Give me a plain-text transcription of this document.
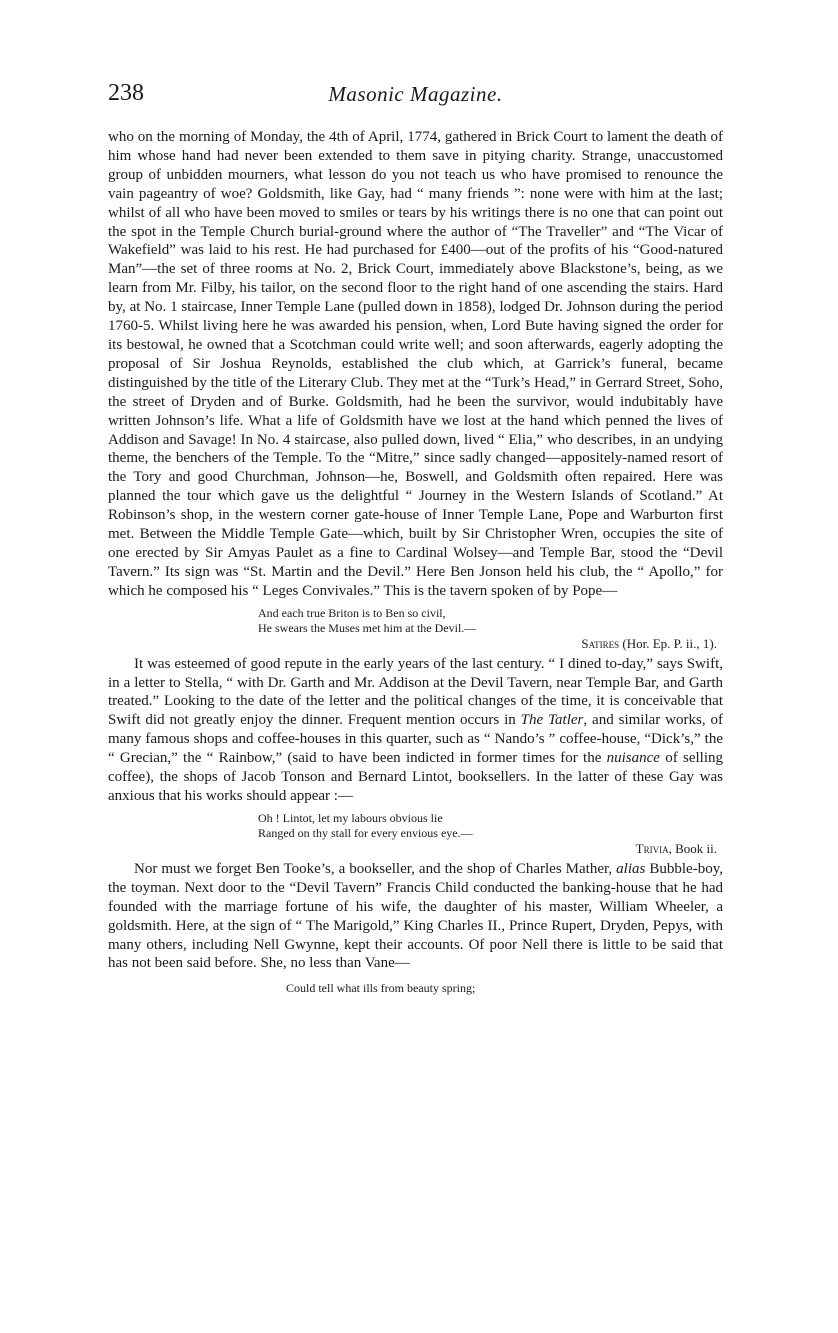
238	Masonic Magazine.

who on the morning of Monday, the 4th of April, 1774, gathered in Brick Court to lament the death of him whose hand had never been extended to them save in pitying charity. Strange, unaccustomed group of unbidden mourners, what lesson do you not teach us who have promised to renounce the vain pageantry of woe? Goldsmith, like Gay, had “ many friends ”: none were with him at the last; whilst of all who have been moved to smiles or tears by his writings there is no one that can point out the spot in the Temple Church burial-ground where the author of “The Traveller” and “The Vicar of Wakefield” was laid to his rest. He had purchased for £400—out of the profits of his “Good-natured Man”—the set of three rooms at No. 2, Brick Court, immediately above Blackstone’s, being, as we learn from Mr. Filby, his tailor, on the second floor to the right hand of one ascending the stairs. Hard by, at No. 1 staircase, Inner Temple Lane (pulled down in 1858), lodged Dr. Johnson during the period 1760-5. Whilst living here he was awarded his pension, when, Lord Bute having signed the order for its bestowal, he owned that a Scotchman could write well; and soon afterwards, eagerly adopting the proposal of Sir Joshua Reynolds, established the club which, at Garrick’s funeral, became distinguished by the title of the Literary Club. They met at the “Turk’s Head,” in Gerrard Street, Soho, the street of Dryden and of Burke. Goldsmith, had he been the survivor, would indubitably have written Johnson’s life. What a life of Goldsmith have we lost at the hand which penned the lives of Addison and Savage! In No. 4 staircase, also pulled down, lived “ Elia,” who describes, in an undying theme, the benchers of the Temple. To the “Mitre,” since sadly changed—appositely-named resort of the Tory and good Churchman, Johnson—he, Boswell, and Goldsmith often repaired. Here was planned the tour which gave us the delightful “ Journey in the Western Islands of Scotland.” At Robinson’s shop, in the western corner gate-house of Inner Temple Lane, Pope and Warburton first met. Between the Middle Temple Gate—which, built by Sir Christopher Wren, occupies the site of one erected by Sir Amyas Paulet as a fine to Cardinal Wolsey—and Temple Bar, stood the “Devil Tavern.” Its sign was “St. Martin and the Devil.” Here Ben Jonson held his club, the “ Apollo,” for which he composed his “ Leges Convivales.” This is the tavern spoken of by Pope—

And each true Briton is to Ben so civil,
He swears the Muses met him at the Devil.—
Satires (Hor. Ep. P. ii., 1).

It was esteemed of good repute in the early years of the last century. “ I dined to-day,” says Swift, in a letter to Stella, “ with Dr. Garth and Mr. Addison at the Devil Tavern, near Temple Bar, and Garth treated.” Looking to the date of the letter and the political changes of the time, it is conceivable that Swift did not greatly enjoy the dinner. Frequent mention occurs in The Tatler, and similar works, of many famous shops and coffee-houses in this quarter, such as “ Nando’s ” coffee-house, “Dick’s,” the “ Grecian,” the “ Rainbow,” (said to have been indicted in former times for the nuisance of selling coffee), the shops of Jacob Tonson and Bernard Lintot, booksellers. In the latter of these Gay was anxious that his works should appear :—

Oh ! Lintot, let my labours obvious lie
Ranged on thy stall for every envious eye.—
Trivia, Book ii.

Nor must we forget Ben Tooke’s, a bookseller, and the shop of Charles Mather, alias Bubble-boy, the toyman. Next door to the “Devil Tavern” Francis Child conducted the banking-house that he had founded with the marriage fortune of his wife, the daughter of his master, William Wheeler, a goldsmith. Here, at the sign of “ The Marigold,” King Charles II., Prince Rupert, Dryden, Pepys, with many others, including Nell Gwynne, kept their accounts. Of poor Nell there is little to be said that has not been said before. She, no less than Vane—

Could tell what ills from beauty spring;
